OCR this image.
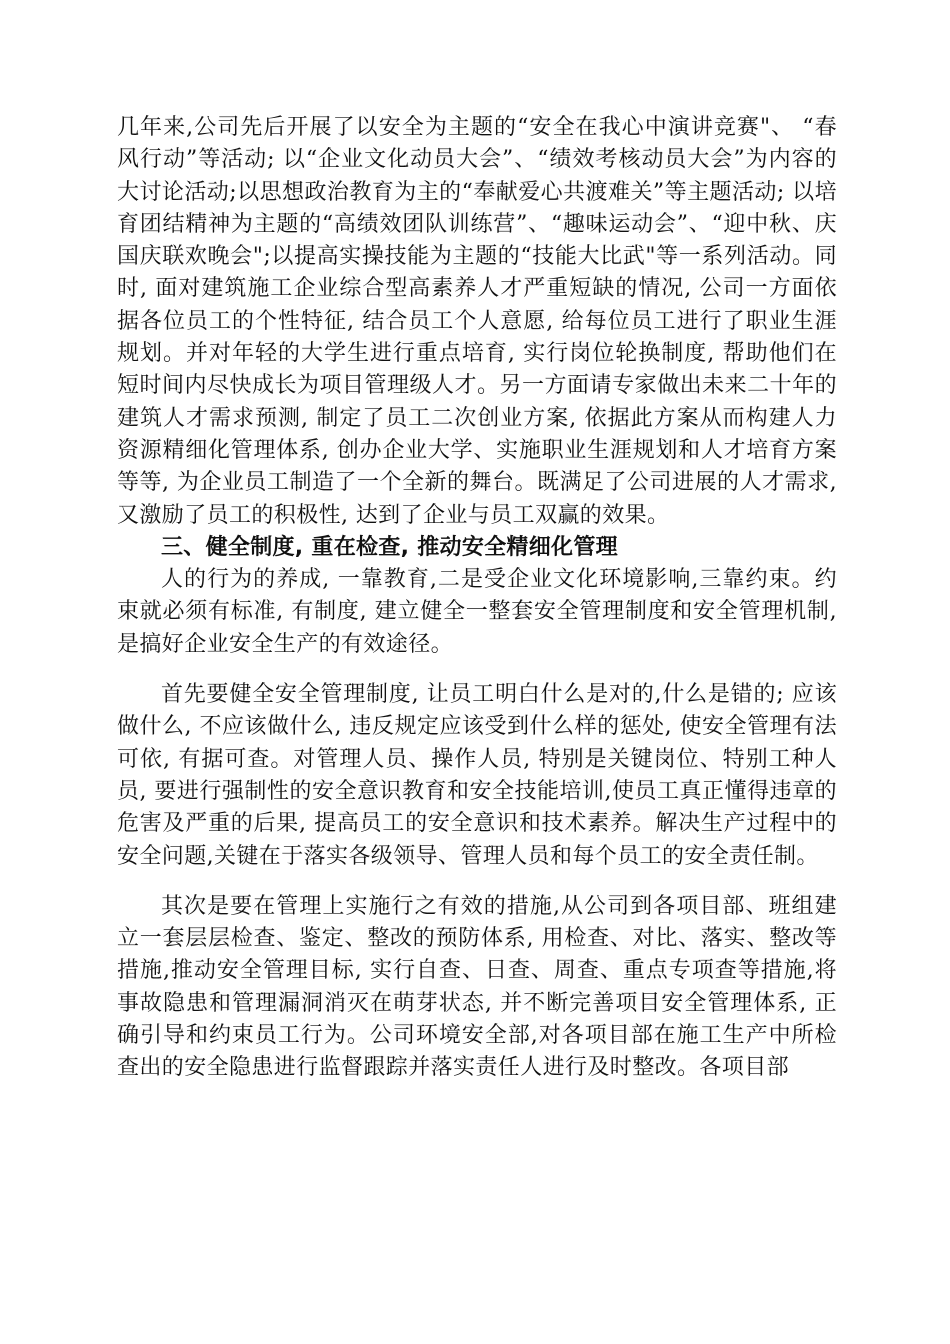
几年来,公司先后开展了以安全为主题的“安全在我心中演讲竞赛"、 “春风行动”等活动; 以“企业文化动员大会”、“绩效考核动员大会”为内容的大讨论活动;以思想政治教育为主的“奉献爱心共渡难关”等主题活动; 以培育团结精神为主题的“高绩效团队训练营”、“趣味运动会”、“迎中秋、庆国庆联欢晚会";以提高实操技能为主题的“技能大比武"等一系列活动。同时, 面对建筑施工企业综合型高素养人才严重短缺的情况, 公司一方面依据各位员工的个性特征, 结合员工个人意愿, 给每位员工进行了职业生涯规划。并对年轻的大学生进行重点培育, 实行岗位轮换制度, 帮助他们在短时间内尽快成长为项目管理级人才。另一方面请专家做出未来二十年的建筑人才需求预测, 制定了员工二次创业方案, 依据此方案从而构建人力资源精细化管理体系, 创办企业大学、实施职业生涯规划和人才培育方案等等, 为企业员工制造了一个全新的舞台。既满足了公司进展的人才需求, 又激励了员工的积极性, 达到了企业与员工双赢的效果。

三、健全制度, 重在检查, 推动安全精细化管理

人的行为的养成, 一靠教育,二是受企业文化环境影响,三靠约束。约束就必须有标准, 有制度, 建立健全一整套安全管理制度和安全管理机制, 是搞好企业安全生产的有效途径。

首先要健全安全管理制度, 让员工明白什么是对的,什么是错的; 应该做什么, 不应该做什么, 违反规定应该受到什么样的惩处, 使安全管理有法可依, 有据可查。对管理人员、操作人员, 特别是关键岗位、特别工种人员, 要进行强制性的安全意识教育和安全技能培训,使员工真正懂得违章的危害及严重的后果, 提高员工的安全意识和技术素养。解决生产过程中的安全问题,关键在于落实各级领导、管理人员和每个员工的安全责任制。

其次是要在管理上实施行之有效的措施,从公司到各项目部、班组建立一套层层检查、鉴定、整改的预防体系, 用检查、对比、落实、整改等措施,推动安全管理目标, 实行自查、日查、周查、重点专项查等措施,将事故隐患和管理漏洞消灭在萌芽状态, 并不断完善项目安全管理体系, 正确引导和约束员工行为。公司环境安全部,对各项目部在施工生产中所检查出的安全隐患进行监督跟踪并落实责任人进行及时整改。各项目部
